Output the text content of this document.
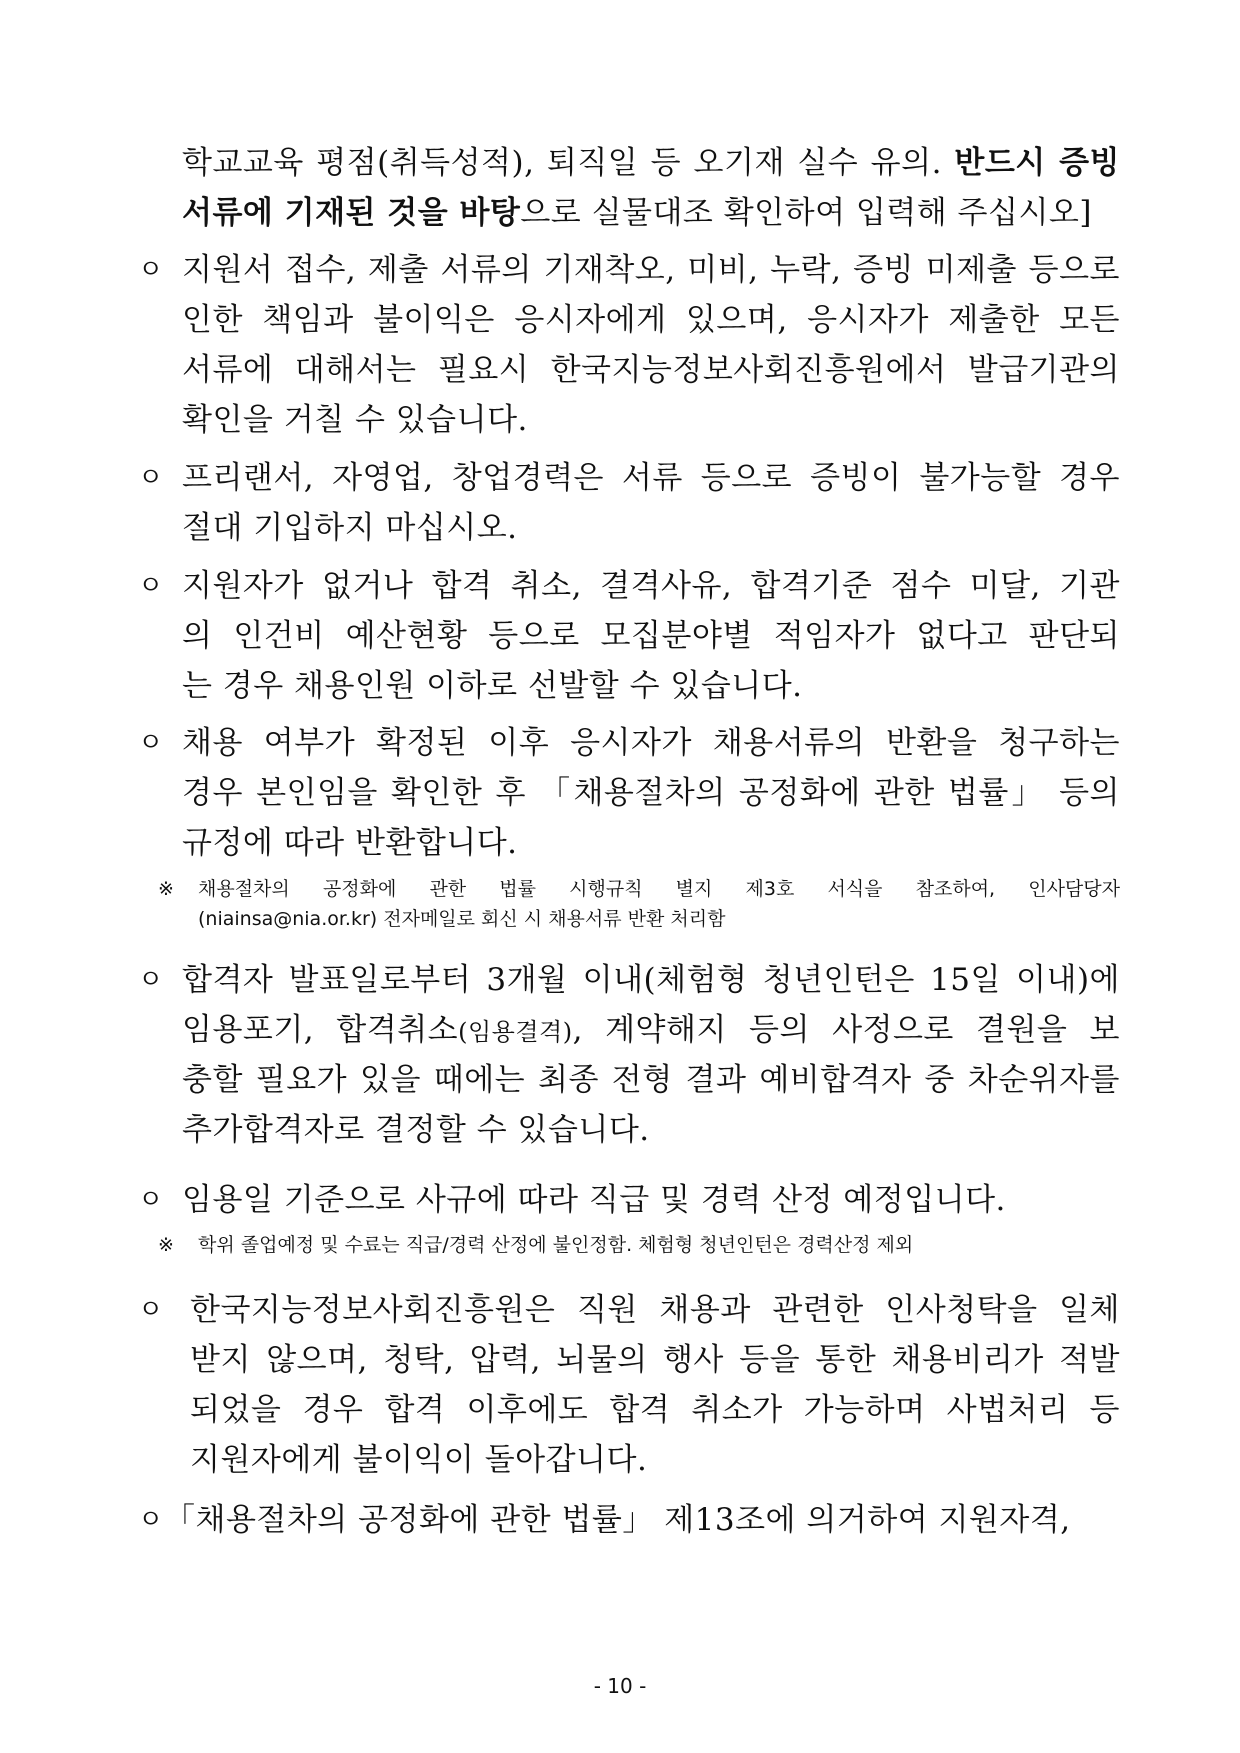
학교교육 평점(취득성적), 퇴직일 등 오기재 실수 유의. 반드시 증빙
서류에 기재된 것을 바탕으로 실물대조 확인하여 입력해 주십시오]
ㅇ 지원서 접수, 제출 서류의 기재착오, 미비, 누락, 증빙 미제출 등으로
인한 책임과 불이익은 응시자에게 있으며, 응시자가 제출한 모든
서류에 대해서는 필요시 한국지능정보사회진흥원에서 발급기관의
확인을 거칠 수 있습니다.
ㅇ 프리랜서, 자영업, 창업경력은 서류 등으로 증빙이 불가능할 경우
절대 기입하지 마십시오.
ㅇ 지원자가 없거나 합격 취소, 결격사유, 합격기준 점수 미달, 기관
의 인건비 예산현황 등으로 모집분야별 적임자가 없다고 판단되
는 경우 채용인원 이하로 선발할 수 있습니다.
ㅇ 채용 여부가 확정된 이후 응시자가 채용서류의 반환을 청구하는
경우 본인임을 확인한 후 「채용절차의 공정화에 관한 법률」 등의
규정에 따라 반환합니다.
※ 채용절차의 공정화에 관한 법률 시행규칙 별지 제3호 서식을 참조하여, 인사담당자
(niainsa@nia.or.kr) 전자메일로 회신 시 채용서류 반환 처리함
ㅇ 합격자 발표일로부터 3개월 이내(체험형 청년인턴은 15일 이내)에
임용포기, 합격취소(임용결격), 계약해지 등의 사정으로 결원을 보
충할 필요가 있을 때에는 최종 전형 결과 예비합격자 중 차순위자를
추가합격자로 결정할 수 있습니다.
ㅇ 임용일 기준으로 사규에 따라 직급 및 경력 산정 예정입니다.
※ 학위 졸업예정 및 수료는 직급/경력 산정에 불인정함. 체험형 청년인턴은 경력산정 제외
ㅇ 한국지능정보사회진흥원은 직원 채용과 관련한 인사청탁을 일체
받지 않으며, 청탁, 압력, 뇌물의 행사 등을 통한 채용비리가 적발
되었을 경우 합격 이후에도 합격 취소가 가능하며 사법처리 등
지원자에게 불이익이 돌아갑니다.
ㅇ 「채용절차의 공정화에 관한 법률」 제13조에 의거하여 지원자격,
- 10 -
